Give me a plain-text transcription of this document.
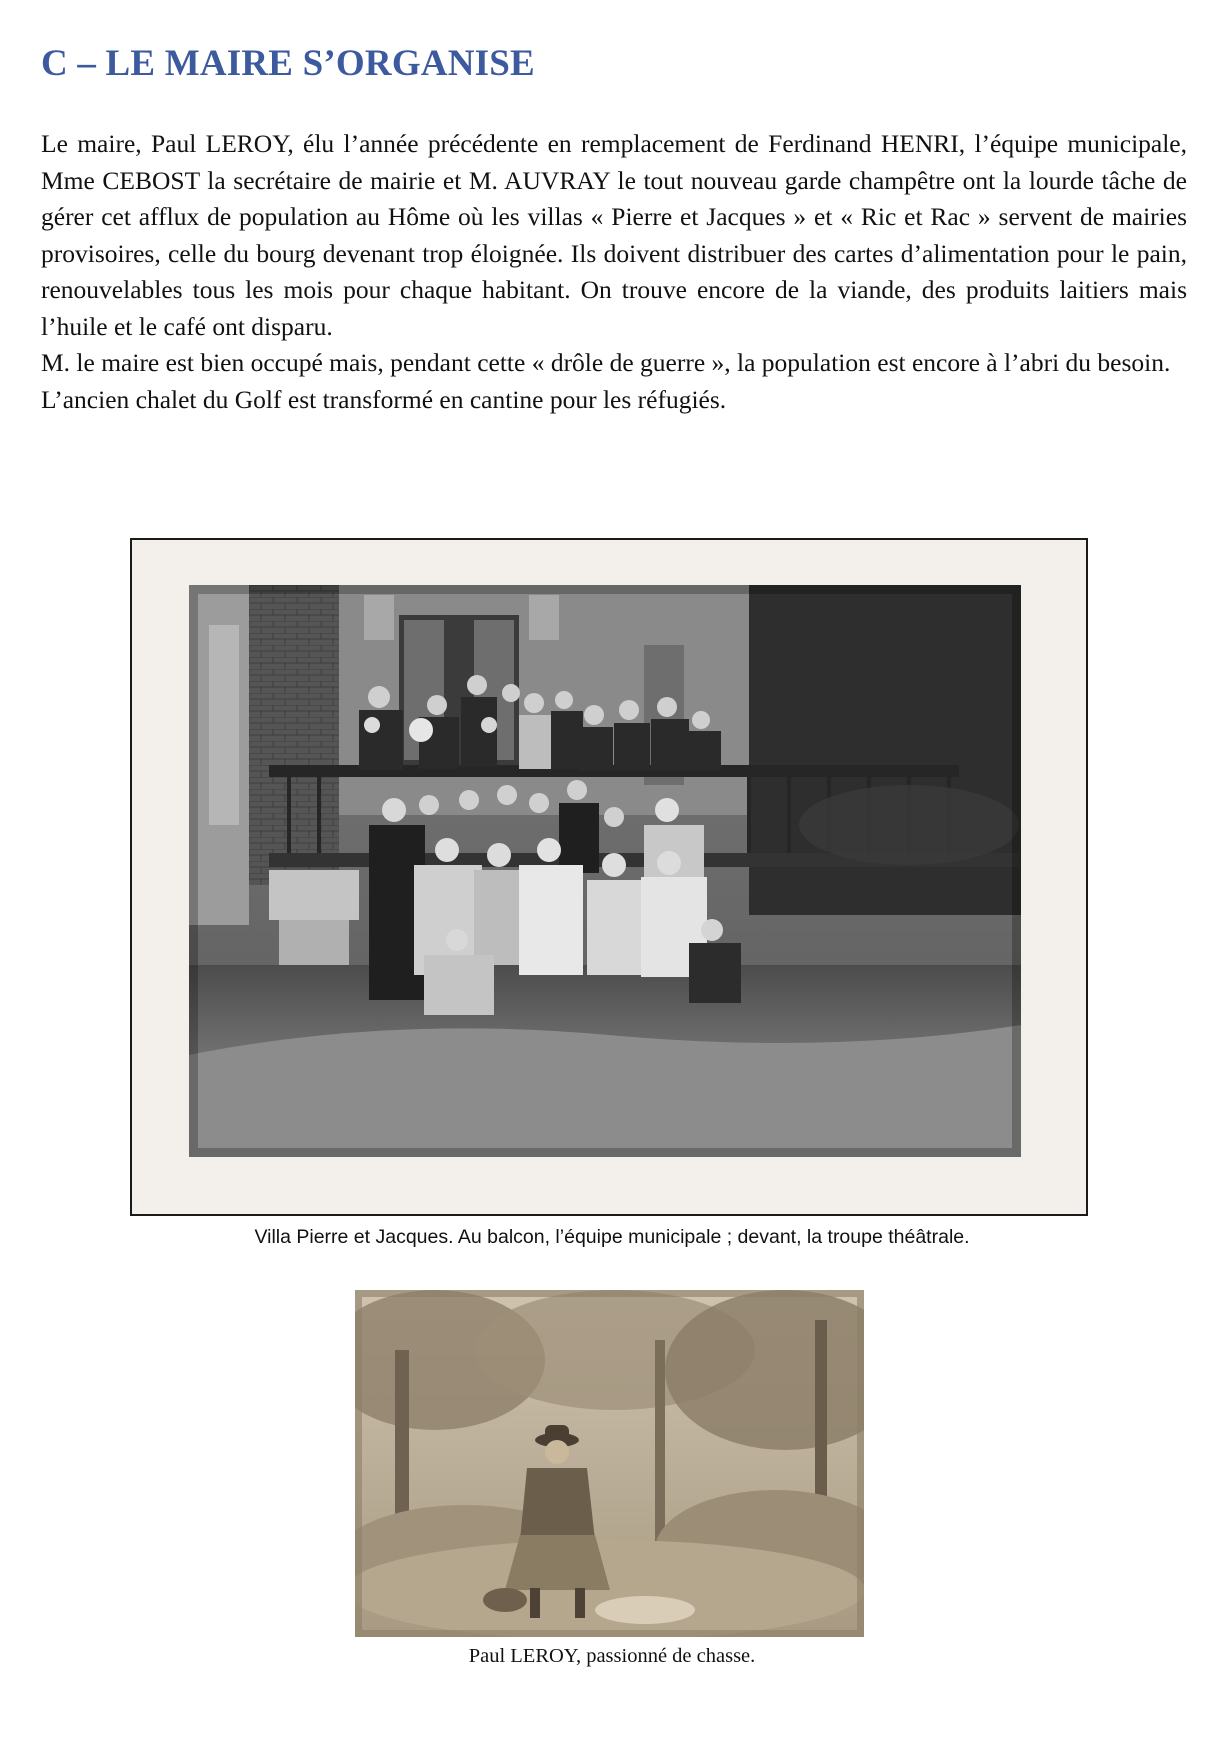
C – LE MAIRE S’ORGANISE

Le maire, Paul LEROY, élu l’année précédente en remplacement de Ferdinand HENRI, l’équipe municipale, Mme CEBOST la secrétaire de mairie et M. AUVRAY le tout nouveau garde champêtre ont la lourde tâche de gérer cet afflux de population au Hôme où les villas « Pierre et Jacques » et « Ric et Rac » servent de mairies provisoires, celle du bourg devenant trop éloignée. Ils doivent distribuer des cartes d’alimentation pour le pain, renouvelables tous les mois pour chaque habitant. On trouve encore de la viande, des produits laitiers mais l’huile et le café ont disparu.

M. le maire est bien occupé mais, pendant cette « drôle de guerre », la population est encore à l’abri du besoin.

L’ancien chalet du Golf est transformé en cantine pour les réfugiés.

Villa Pierre et Jacques. Au balcon, l’équipe municipale ; devant, la troupe théâtrale.
Paul LEROY, passionné de chasse.
